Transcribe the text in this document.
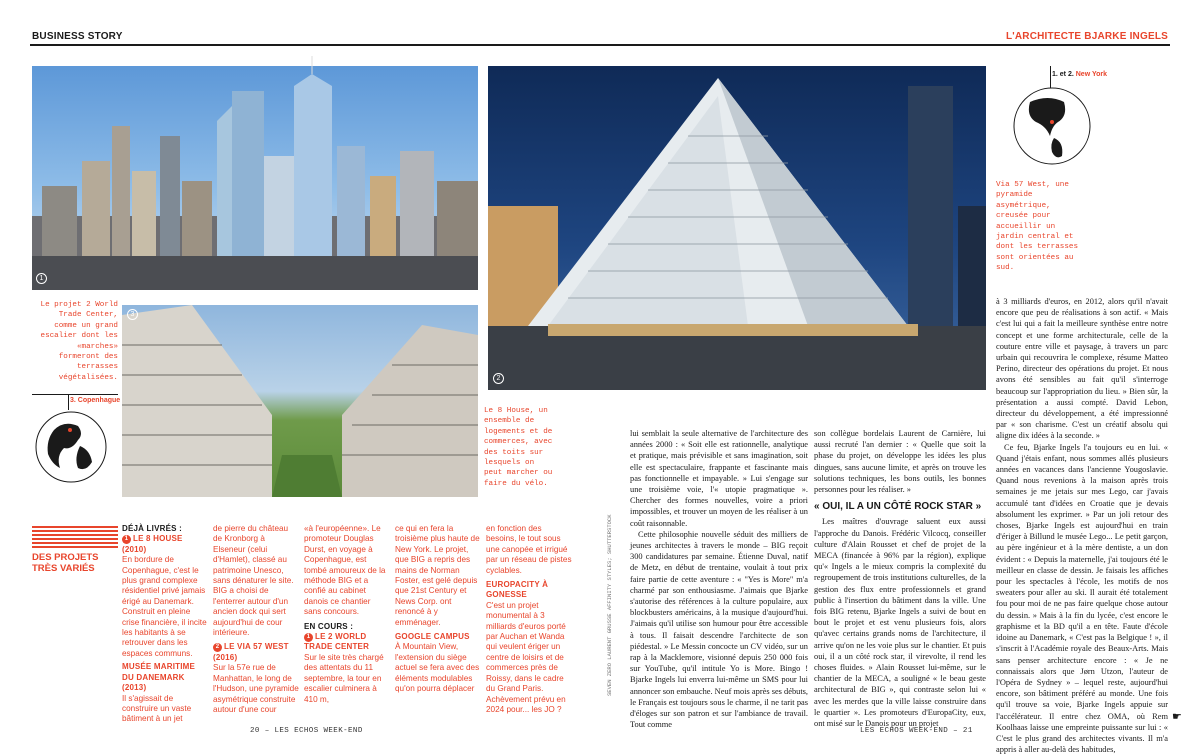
BUSINESS STORY	L'ARCHITECTE BJARKE INGELS
1
3
2
Le projet 2 World Trade Center, comme un grand escalier dont les «marches» formeront des terrasses végétalisées.
Le 8 House, un ensemble de logements et de commerces, avec des toits sur lesquels on peut marcher ou faire du vélo.
Via 57 West, une pyramide asymétrique, creusée pour accueillir un jardin central et dont les terrasses sont orientées au sud.
3. Copenhague
1. et 2. New York
DES PROJETS
TRÈS VARIÉS
DÉJÀ LIVRÉS :
1 LE 8 HOUSE (2010)
En bordure de Copenhague, c'est le plus grand complexe résidentiel privé jamais érigé au Danemark. Construit en pleine crise financière, il incite les habitants à se retrouver dans les espaces communs.
MUSÉE MARITIME DU DANEMARK (2013)
Il s'agissait de construire un vaste bâtiment à un jet
de pierre du château de Kronborg à Elseneur (celui d'Hamlet), classé au patrimoine Unesco, sans dénaturer le site. BIG a choisi de l'enterrer autour d'un ancien dock qui sert aujourd'hui de cour intérieure.
2 LE VIA 57 WEST (2016)
Sur la 57e rue de Manhattan, le long de l'Hudson, une pyramide asymétrique construite autour d'une cour
«à l'européenne». Le promoteur Douglas Durst, en voyage à Copenhague, est tombé amoureux de la méthode BIG et a confié au cabinet danois ce chantier sans concours.
EN COURS :
1 LE 2 WORLD TRADE CENTER
Sur le site très chargé des attentats du 11 septembre, la tour en escalier culminera à 410 m,
ce qui en fera la troisième plus haute de New York. Le projet, que BIG a repris des mains de Norman Foster, est gelé depuis que 21st Century et News Corp. ont renoncé à y emménager.
GOOGLE CAMPUS
À Mountain View, l'extension du siège actuel se fera avec des éléments modulables qu'on pourra déplacer
en fonction des besoins, le tout sous une canopée et irrigué par un réseau de pistes cyclables.
EUROPACITY À GONESSE
C'est un projet monumental à 3 milliards d'euros porté par Auchan et Wanda qui veulent ériger un centre de loisirs et de commerces près de Roissy, dans le cadre du Grand Paris. Achèvement prévu en 2024 pour... les JO ?
SEVEN ZERO LAURENT GRUSSE AFFINITY STYLES; SHUTTERSTOCK

lui semblait la seule alternative de l'architecture des années 2000 : « Soit elle est rationnelle, analytique et pratique, mais prévisible et sans imagination, soit elle est spectaculaire, frappante et fascinante mais pas fonctionnelle et impayable. » Lui s'engage sur une troisième voie, l'« utopie pragmatique ». Chercher des formes nouvelles, voire a priori impossibles, et trouver un moyen de les réaliser à un coût raisonnable.

Cette philosophie nouvelle séduit des milliers de jeunes architectes à travers le monde – BIG reçoit 300 candidatures par semaine. Étienne Duval, natif de Metz, en début de trentaine, voulait à tout prix faire partie de cette aventure : « "Yes is More" m'a charmé par son enthousiasme. J'aimais que Bjarke s'autorise des références à la culture populaire, aux blockbusters américains, à la musique d'aujourd'hui. J'aimais qu'il utilise son humour pour être accessible à tous. Il faisait descendre l'architecte de son piédestal. » Le Messin concocte un CV vidéo, sur un rap à la Macklemore, visionné depuis 250 000 fois sur YouTube, qu'il intitule Yo is More. Bingo ! Bjarke Ingels lui enverra lui-même un SMS pour lui annoncer son embauche. Neuf mois après ses débuts, le Français est toujours sous le charme, il ne tarit pas d'éloges sur son patron et sur l'ambiance de travail. Tout comme

son collègue bordelais Laurent de Carnière, lui aussi recruté l'an dernier : « Quelle que soit la phase du projet, on développe les idées les plus dingues, sans aucune limite, et après on trouve les solutions techniques, les bons outils, les bonnes personnes pour les réaliser. »

« OUI, IL A UN CÔTÉ ROCK STAR »

Les maîtres d'ouvrage saluent eux aussi l'approche du Danois. Frédéric Vilcocq, conseiller culture d'Alain Rousset et chef de projet de la MECA (financée à 96% par la région), explique qu'« Ingels a le mieux compris la complexité du regroupement de trois institutions culturelles, de la gestion des flux entre professionnels et grand public à l'insertion du bâtiment dans la ville. Une fois BIG retenu, Bjarke Ingels a suivi de bout en bout le projet et est venu plusieurs fois, alors qu'avec certains grands noms de l'architecture, il arrive qu'on ne les voie plus sur le chantier. Et puis oui, il a un côté rock star, il virevolte, il rend les choses fluides. » Alain Rousset lui-même, sur le chantier de la MECA, a souligné « le beau geste architectural de BIG », qui contraste selon lui « avec les merdes que la ville laisse construire dans le quartier ». Les promoteurs d'EuropaCity, eux, ont misé sur le Danois pour un projet

à 3 milliards d'euros, en 2012, alors qu'il n'avait encore que peu de réalisations à son actif. « Mais c'est lui qui a fait la meilleure synthèse entre notre concept et une forme architecturale, celle de la couture entre ville et paysage, à travers un parc urbain qui recouvrira le complexe, résume Matteo Perino, directeur des opérations du projet. Et nous avons été sensibles au fait qu'il s'interroge beaucoup sur l'appropriation du lieu. » Bien sûr, la présentation a aussi compté. David Lebon, directeur du développement, a été impressionné par « son charisme. C'est un créatif absolu qui aligne dix idées à la seconde. »

Ce feu, Bjarke Ingels l'a toujours eu en lui. « Quand j'étais enfant, nous sommes allés plusieurs années en vacances dans l'ancienne Yougoslavie. Quand nous revenions à la maison après trois semaines je me jetais sur mes Lego, car j'avais accumulé tant d'idées en Croatie que je devais absolument les exprimer. » Par un joli retour des choses, Bjarke Ingels est aujourd'hui en train d'ériger à Billund le musée Lego... Le petit garçon, au père ingénieur et à la mère dentiste, a un don évident : « Depuis la maternelle, j'ai toujours été le meilleur en classe de dessin. Je faisais les affiches pour les spectacles à l'école, les motifs de nos sweaters pour aller au ski. Il aurait été totalement fou pour moi de ne pas faire quelque chose autour du dessin. » Mais à la fin du lycée, c'est encore le graphisme et la BD qu'il a en tête. Faute d'école idoine au Danemark, « C'est pas la Belgique ! », il s'inscrit à l'Académie royale des Beaux-Arts. Mais sans penser architecture encore : « Je ne connaissais alors que Jørn Utzon, l'auteur de l'Opéra de Sydney » – lequel reste, aujourd'hui encore, son bâtiment préféré au monde. Une fois qu'il trouve sa voie, Bjarke Ingels appuie sur l'accélérateur. Il entre chez OMA, où Rem Koolhaas laisse une empreinte puissante sur lui : « C'est le plus grand des architectes vivants. Il m'a appris à aller au-delà des habitudes,

☛
20 – LES ECHOS WEEK-END	LES ECHOS WEEK-END – 21
